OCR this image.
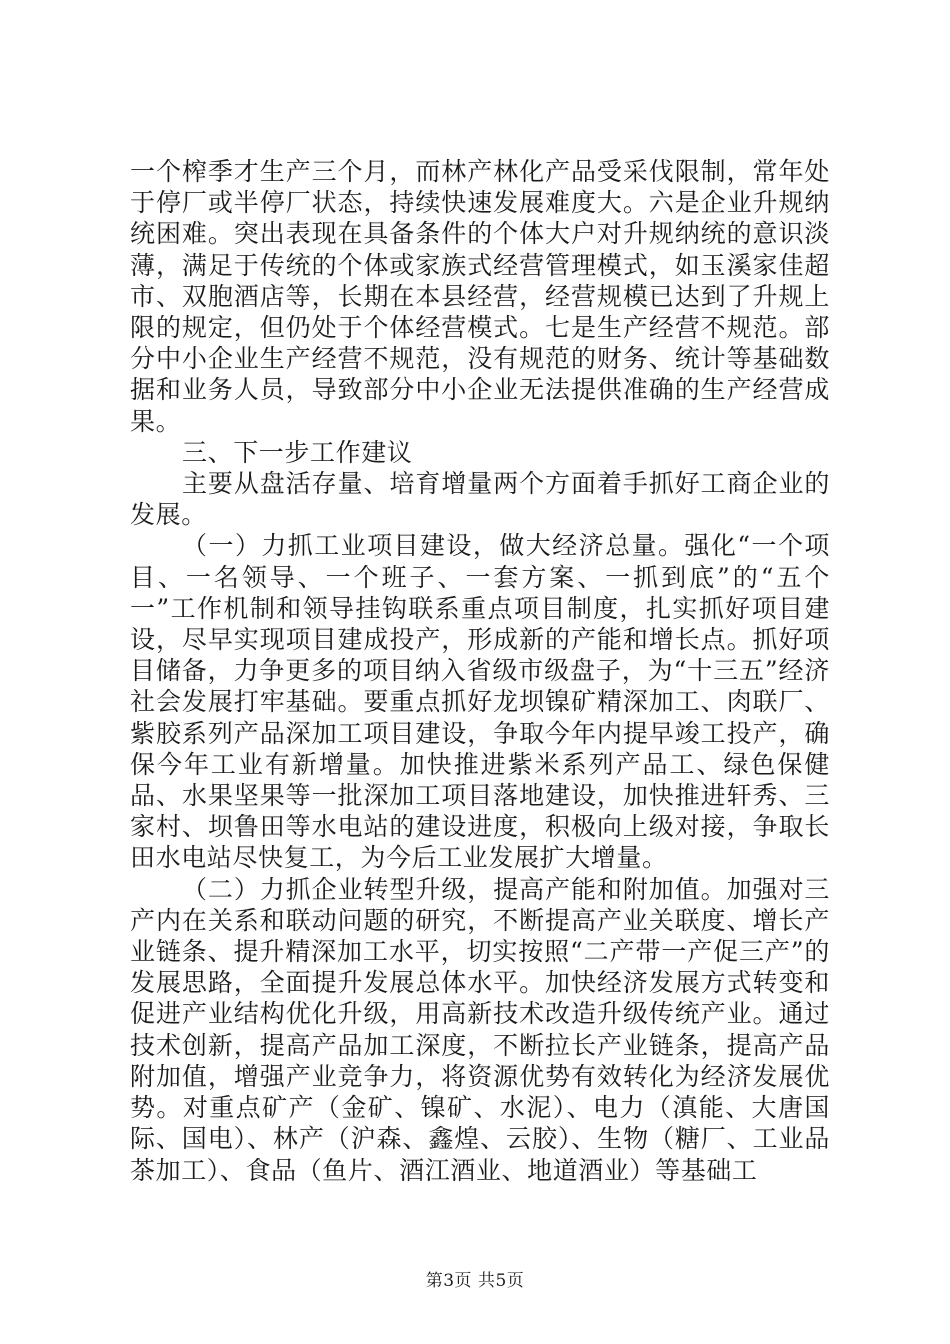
一个榨季才生产三个月，而林产林化产品受采伐限制，常年处于停厂或半停厂状态，持续快速发展难度大。六是企业升规纳统困难。突出表现在具备条件的个体大户对升规纳统的意识淡薄，满足于传统的个体或家族式经营管理模式，如玉溪家佳超市、双胞酒店等，长期在本县经营，经营规模已达到了升规上限的规定，但仍处于个体经营模式。七是生产经营不规范。部分中小企业生产经营不规范，没有规范的财务、统计等基础数据和业务人员，导致部分中小企业无法提供准确的生产经营成果。

三、下一步工作建议

主要从盘活存量、培育增量两个方面着手抓好工商企业的发展。

（一）力抓工业项目建设，做大经济总量。强化“一个项目、一名领导、一个班子、一套方案、一抓到底”的“五个一”工作机制和领导挂钩联系重点项目制度，扎实抓好项目建设，尽早实现项目建成投产，形成新的产能和增长点。抓好项目储备，力争更多的项目纳入省级市级盘子，为“十三五”经济社会发展打牢基础。要重点抓好龙坝镍矿精深加工、肉联厂、紫胶系列产品深加工项目建设，争取今年内提早竣工投产，确保今年工业有新增量。加快推进紫米系列产品工、绿色保健品、水果坚果等一批深加工项目落地建设，加快推进轩秀、三家村、坝鲁田等水电站的建设进度，积极向上级对接，争取长田水电站尽快复工，为今后工业发展扩大增量。

（二）力抓企业转型升级，提高产能和附加值。加强对三产内在关系和联动问题的研究，不断提高产业关联度、增长产业链条、提升精深加工水平，切实按照“二产带一产促三产”的发展思路，全面提升发展总体水平。加快经济发展方式转变和促进产业结构优化升级，用高新技术改造升级传统产业。通过技术创新，提高产品加工深度，不断拉长产业链条，提高产品附加值，增强产业竞争力，将资源优势有效转化为经济发展优势。对重点矿产（金矿、镍矿、水泥）、电力（滇能、大唐国际、国电）、林产（沪森、鑫煌、云胶）、生物（糖厂、工业品茶加工）、食品（鱼片、酒江酒业、地道酒业）等基础工

第3页 共5页
